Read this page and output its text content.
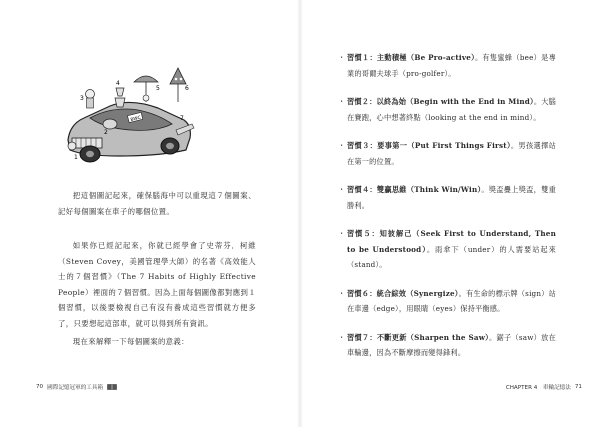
BWC
1
2
3
4
5	6
7

把這個圖記起來，確保腦海中可以重現這７個圖案、記好每個圖案在車子的哪個位置。

如果你已經記起來，你就已經學會了史蒂芬．柯維（Steven Covey，美國管理學大師）的名著《高效能人士的７個習慣》（The 7 Habits of Highly Effective People）裡面的７個習慣。因為上面每個圖像都對應到１個習慣，以後要檢視自己有沒有養成這些習慣就方便多了，只要想起這部車，就可以得到所有資訊。

現在來解釋一下每個圖案的意義：

70 國際記憶冠軍的工具箱
・ 習慣１：主動積極（Be Pro-active）。有隻蜜蜂（bee）是專業的哥爾夫球手（pro-golfer）。
・ 習慣２：以終為始（Begin with the End in Mind）。大腦在賽跑，心中想著終點（looking at the end in mind）。
・ 習慣３：要事第一（Put First Things First）。男孩選擇站在第一的位置。
・ 習慣４：雙贏思維（Think Win/Win）。獎盃疊上獎盃，雙重勝利。
・ 習慣５：知彼解己（Seek First to Understand, Then to be Understood）。雨傘下（under）的人需要站起來（stand）。
・ 習慣６：統合綜效（Synergize）。有生命的標示牌（sign）站在車邊（edge），用眼睛（eyes）保持平衡感。
・ 習慣７：不斷更新（Sharpen the Saw）。鋸子（saw）放在車輪邊，因為不斷摩擦而變得鋒利。
CHAPTER 4　車輪記憶法 71
